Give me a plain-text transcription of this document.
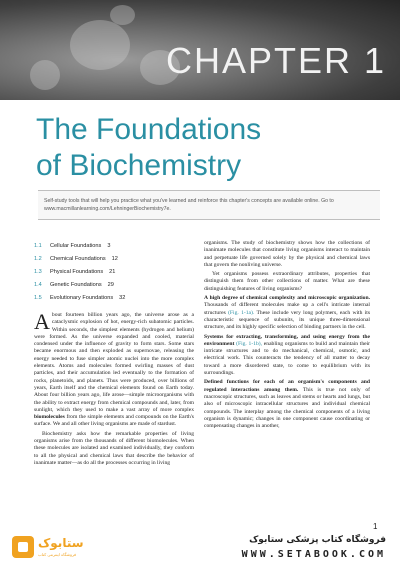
CHAPTER 1
The Foundations
of Biochemistry
Self-study tools that will help you practice what you've learned and reinforce this chapter's concepts are available online. Go to www.macmillanlearning.com/LehningerBiochemistry7e.
1.1 Cellular Foundations 3
1.2 Chemical Foundations 12
1.3 Physical Foundations 21
1.4 Genetic Foundations 29
1.5 Evolutionary Foundations 32

About fourteen billion years ago, the universe arose as a cataclysmic explosion of hot, energy-rich subatomic particles. Within seconds, the simplest elements (hydrogen and helium) were formed. As the universe expanded and cooled, material condensed under the influence of gravity to form stars. Some stars became enormous and then exploded as supernovae, releasing the energy needed to fuse simpler atomic nuclei into the more complex elements. Atoms and molecules formed swirling masses of dust particles, and their accumulation led eventually to the formation of rocks, planetoids, and planets. Thus were produced, over billions of years, Earth itself and the chemical elements found on Earth today. About four billion years ago, life arose—simple microorganisms with the ability to extract energy from chemical compounds and, later, from sunlight, which they used to make a vast array of more complex biomolecules from the simple elements and compounds on the Earth's surface. We and all other living organisms are made of stardust.

Biochemistry asks how the remarkable properties of living organisms arise from the thousands of different biomolecules. When these molecules are isolated and examined individually, they conform to all the physical and chemical laws that describe the behavior of inanimate matter—as do all the processes occurring in living

organisms. The study of biochemistry shows how the collections of inanimate molecules that constitute living organisms interact to maintain and perpetuate life governed solely by the physical and chemical laws that govern the nonliving universe.

Yet organisms possess extraordinary attributes, properties that distinguish them from other collections of matter. What are these distinguishing features of living organisms?

A high degree of chemical complexity and microscopic organization. Thousands of different molecules make up a cell's intricate internal structures (Fig. 1-1a). These include very long polymers, each with its characteristic sequence of subunits, its unique three-dimensional structure, and its highly specific selection of binding partners in the cell.

Systems for extracting, transforming, and using energy from the environment (Fig. 1-1b), enabling organisms to build and maintain their intricate structures and to do mechanical, chemical, osmotic, and electrical work. This counteracts the tendency of all matter to decay toward a more disordered state, to come to equilibrium with its surroundings.

Defined functions for each of an organism's components and regulated interactions among them. This is true not only of macroscopic structures, such as leaves and stems or hearts and lungs, but also of microscopic intracellular structures and individual chemical compounds. The interplay among the chemical components of a living organism is dynamic; changes in one component cause coordinating or compensating changes in another,

1
ستابوک
فروشگاه اینترنتی کتاب
فروشگاه کتاب پزشکی ستابوک
WWW.SETABOOK.COM
